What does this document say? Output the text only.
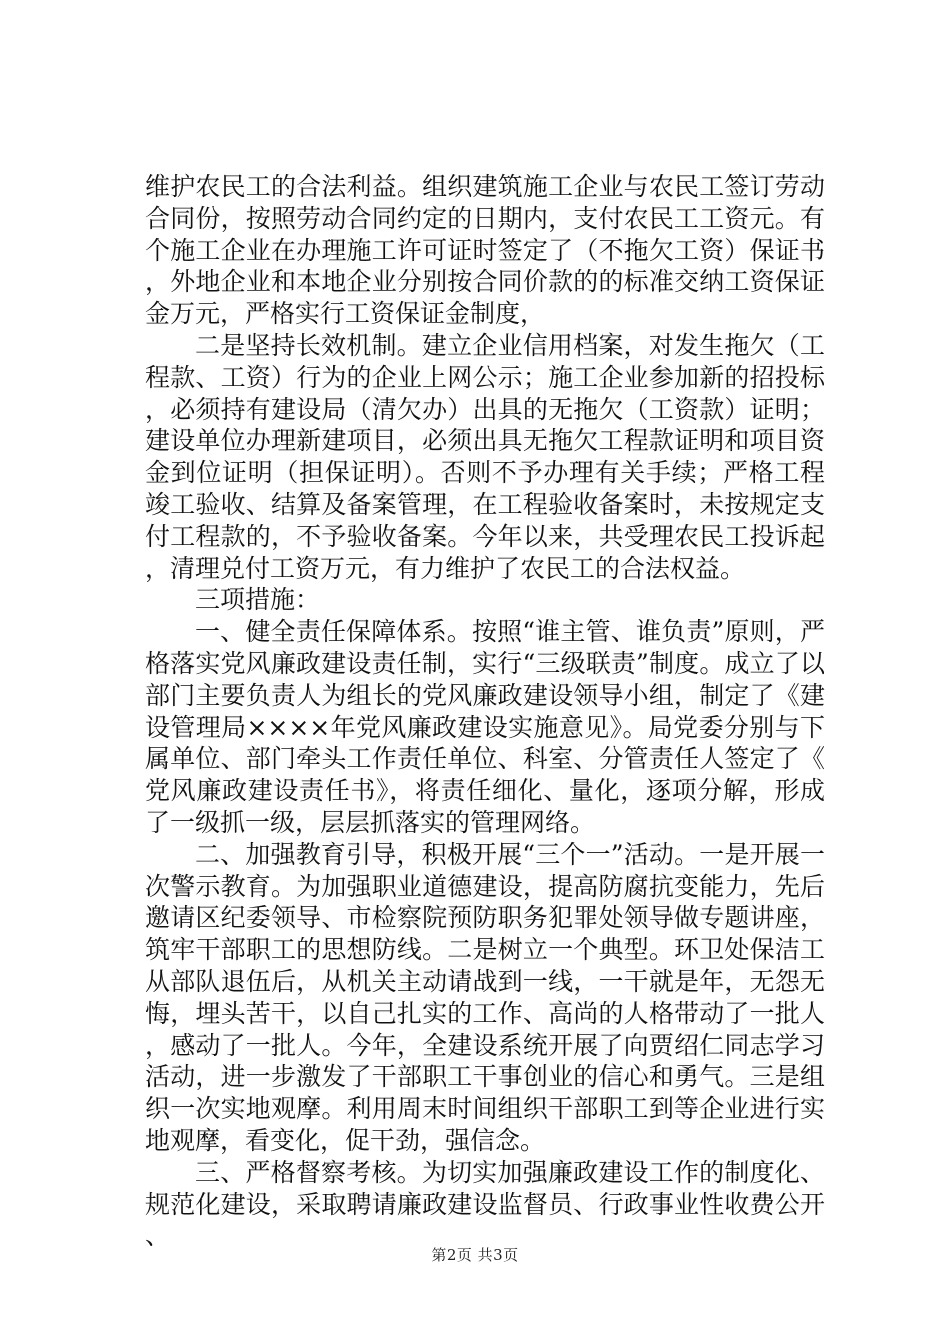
维护农民工的合法利益。组织建筑施工企业与农民工签订劳动合同份，按照劳动合同约定的日期内，支付农民工工资元。有个施工企业在办理施工许可证时签定了（不拖欠工资）保证书，外地企业和本地企业分别按合同价款的的标准交纳工资保证金万元，严格实行工资保证金制度，

二是坚持长效机制。建立企业信用档案，对发生拖欠（工程款、工资）行为的企业上网公示；施工企业参加新的招投标，必须持有建设局（清欠办）出具的无拖欠（工资款）证明；建设单位办理新建项目，必须出具无拖欠工程款证明和项目资金到位证明（担保证明）。否则不予办理有关手续；严格工程竣工验收、结算及备案管理，在工程验收备案时，未按规定支付工程款的，不予验收备案。今年以来，共受理农民工投诉起，清理兑付工资万元，有力维护了农民工的合法权益。

三项措施：

一、健全责任保障体系。按照“谁主管、谁负责”原则，严格落实党风廉政建设责任制，实行“三级联责”制度。成立了以部门主要负责人为组长的党风廉政建设领导小组，制定了《建设管理局××××年党风廉政建设实施意见》。局党委分别与下属单位、部门牵头工作责任单位、科室、分管责任人签定了《党风廉政建设责任书》，将责任细化、量化，逐项分解，形成了一级抓一级，层层抓落实的管理网络。

二、加强教育引导，积极开展“三个一”活动。一是开展一次警示教育。为加强职业道德建设，提高防腐抗变能力，先后邀请区纪委领导、市检察院预防职务犯罪处领导做专题讲座，筑牢干部职工的思想防线。二是树立一个典型。环卫处保洁工从部队退伍后，从机关主动请战到一线，一干就是年，无怨无悔，埋头苦干，以自己扎实的工作、高尚的人格带动了一批人，感动了一批人。今年，全建设系统开展了向贾绍仁同志学习活动，进一步激发了干部职工干事创业的信心和勇气。三是组织一次实地观摩。利用周末时间组织干部职工到等企业进行实地观摩，看变化，促干劲，强信念。

三、严格督察考核。为切实加强廉政建设工作的制度化、规范化建设，采取聘请廉政建设监督员、行政事业性收费公开、

第2页 共3页
